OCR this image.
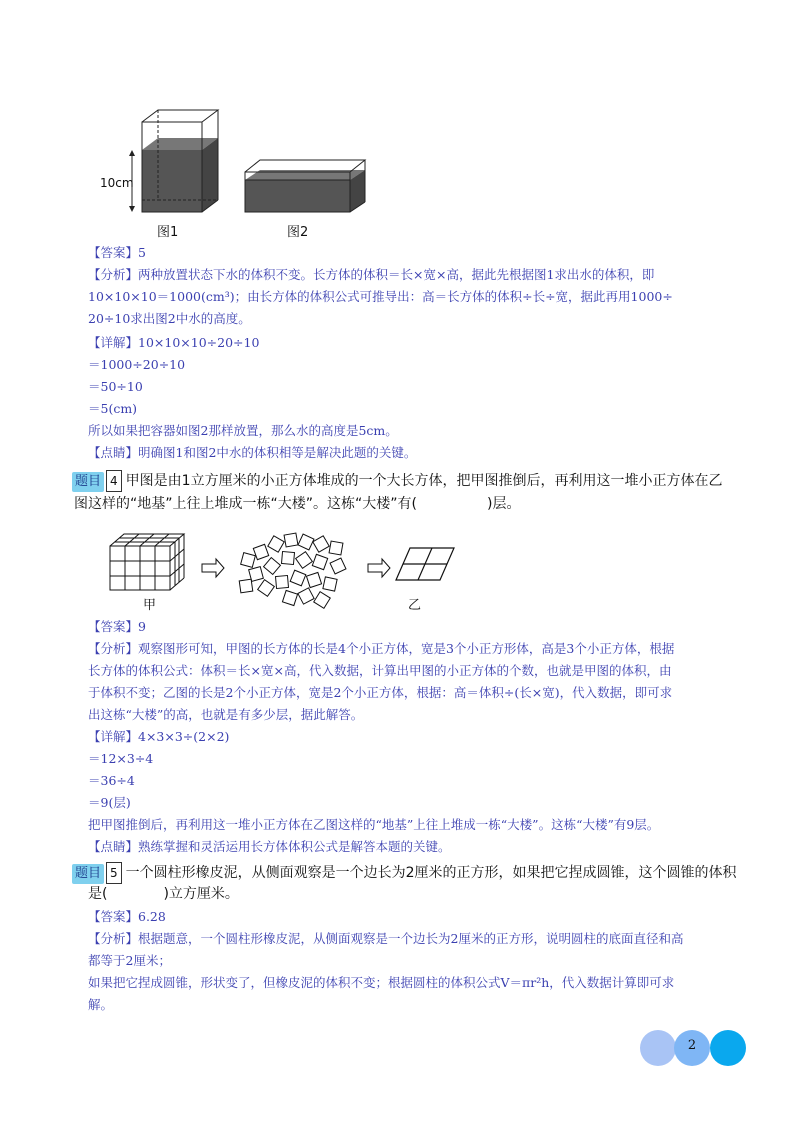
10cm
图1	图2
【答案】5
【分析】两种放置状态下水的体积不变。长方体的体积＝长×宽×高，据此先根据图1求出水的体积，即
10×10×10＝1000(cm³)；由长方体的体积公式可推导出：高＝长方体的体积÷长÷宽，据此再用1000÷
20÷10求出图2中水的高度。
【详解】10×10×10÷20÷10
＝1000÷20÷10
＝50÷10
＝5(cm)
所以如果把容器如图2那样放置，那么水的高度是5cm。
【点睛】明确图1和图2中水的体积相等是解决此题的关键。
题目 4 甲图是由1立方厘米的小正方体堆成的一个大长方体，把甲图推倒后，再利用这一堆小正方体在乙
图这样的“地基”上往上堆成一栋“大楼”。这栋“大楼”有(　　　　　)层。
甲	乙
【答案】9
【分析】观察图形可知，甲图的长方体的长是4个小正方体，宽是3个小正方形体，高是3个小正方体，根据
长方体的体积公式：体积＝长×宽×高，代入数据，计算出甲图的小正方体的个数，也就是甲图的体积，由
于体积不变；乙图的长是2个小正方体，宽是2个小正方体，根据：高＝体积÷(长×宽)，代入数据，即可求
出这栋“大楼”的高，也就是有多少层，据此解答。
【详解】4×3×3÷(2×2)
＝12×3÷4
＝36÷4
＝9(层)
把甲图推倒后，再利用这一堆小正方体在乙图这样的“地基”上往上堆成一栋“大楼”。这栋“大楼”有9层。
【点睛】熟练掌握和灵活运用长方体体积公式是解答本题的关键。
题目 5 一个圆柱形橡皮泥，从侧面观察是一个边长为2厘米的正方形，如果把它捏成圆锥，这个圆锥的体积
是(　　　　)立方厘米。
【答案】6.28
【分析】根据题意，一个圆柱形橡皮泥，从侧面观察是一个边长为2厘米的正方形，说明圆柱的底面直径和高
都等于2厘米；
如果把它捏成圆锥，形状变了，但橡皮泥的体积不变；根据圆柱的体积公式V＝πr²h，代入数据计算即可求
解。
2
